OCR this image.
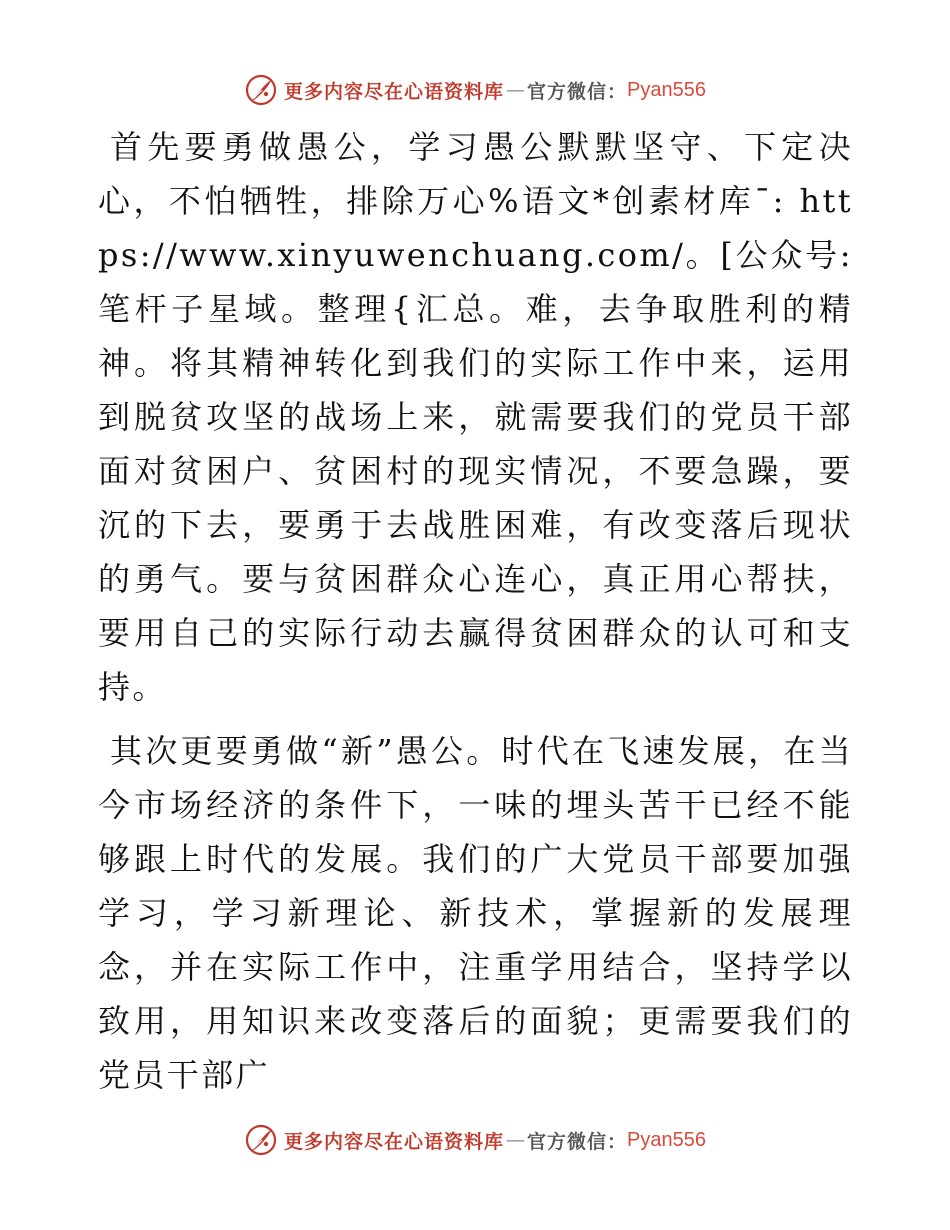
更多内容尽在心语资料库 — 官方微信： Pyan556

首先要勇做愚公，学习愚公默默坚守、下定决心，不怕牺牲，排除万心%语文*创素材库¯: https://www.xinyuwenchuang.com/。[公众号: 笔杆子星域。整理{汇总。难，去争取胜利的精神。将其精神转化到我们的实际工作中来，运用到脱贫攻坚的战场上来，就需要我们的党员干部面对贫困户、贫困村的现实情况，不要急躁，要沉的下去，要勇于去战胜困难，有改变落后现状的勇气。要与贫困群众心连心，真正用心帮扶，要用自己的实际行动去赢得贫困群众的认可和支持。

其次更要勇做“新”愚公。时代在飞速发展，在当今市场经济的条件下，一味的埋头苦干已经不能够跟上时代的发展。我们的广大党员干部要加强学习，学习新理论、新技术，掌握新的发展理念，并在实际工作中，注重学用结合，坚持学以致用，用知识来改变落后的面貌；更需要我们的党员干部广

更多内容尽在心语资料库 — 官方微信： Pyan556
